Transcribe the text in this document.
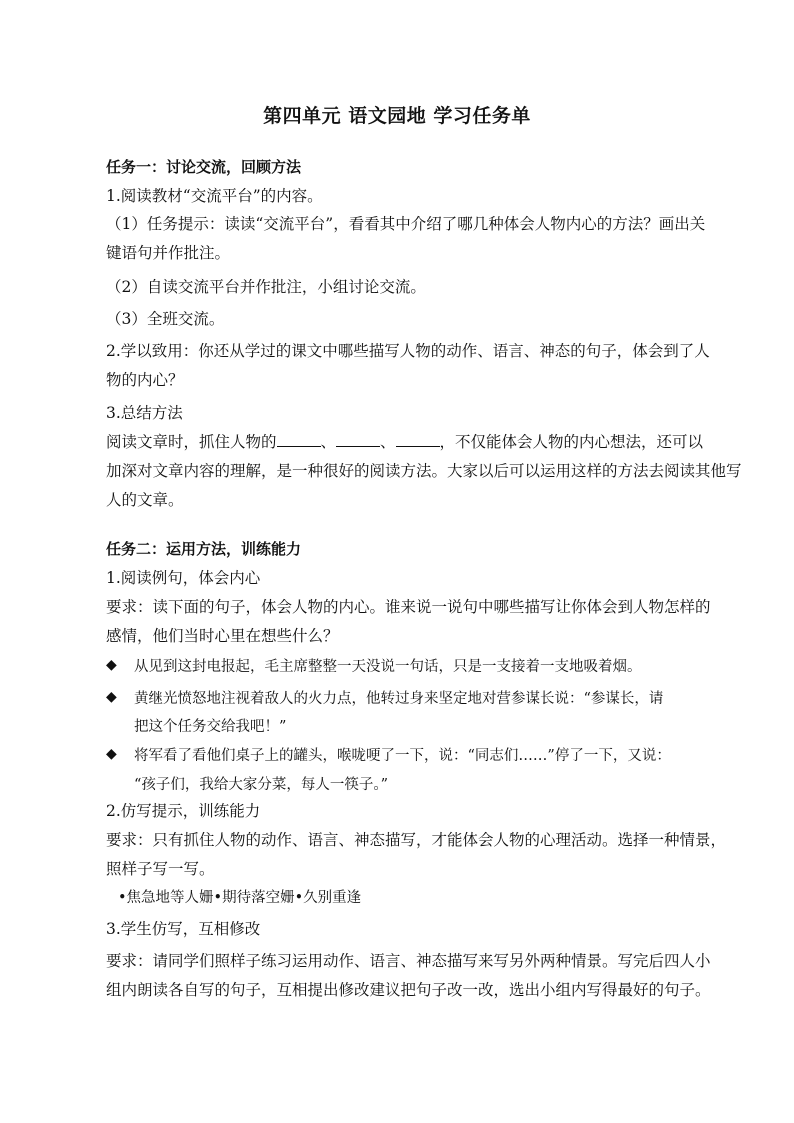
第四单元 语文园地 学习任务单
任务一：讨论交流，回顾方法
1.阅读教材“交流平台”的内容。
（1）任务提示：读读“交流平台”，看看其中介绍了哪几种体会人物内心的方法？画出关
键语句并作批注。
（2）自读交流平台并作批注，小组讨论交流。
（3）全班交流。
2.学以致用：你还从学过的课文中哪些描写人物的动作、语言、神态的句子，体会到了人
物的内心？
3.总结方法
阅读文章时，抓住人物的	、	、	，不仅能体会人物的内心想法，还可以
加深对文章内容的理解，是一种很好的阅读方法。大家以后可以运用这样的方法去阅读其他写
人的文章。
任务二：运用方法，训练能力
1.阅读例句，体会内心
要求：读下面的句子，体会人物的内心。谁来说一说句中哪些描写让你体会到人物怎样的
感情，他们当时心里在想些什么？
◆ 从见到这封电报起，毛主席整整一天没说一句话，只是一支接着一支地吸着烟。
◆ 黄继光愤怒地注视着敌人的火力点，他转过身来坚定地对营参谋长说：“参谋长，请
把这个任务交给我吧！”
◆ 将军看了看他们桌子上的罐头，喉咙哽了一下，说：“同志们……”停了一下，又说：
“孩子们，我给大家分菜，每人一筷子。”
2.仿写提示，训练能力
要求：只有抓住人物的动作、语言、神态描写，才能体会人物的心理活动。选择一种情景，
照样子写一写。
•焦急地等人姗•期待落空姗•久别重逢
3.学生仿写，互相修改
要求：请同学们照样子练习运用动作、语言、神态描写来写另外两种情景。写完后四人小
组内朗读各自写的句子，互相提出修改建议把句子改一改，选出小组内写得最好的句子。
